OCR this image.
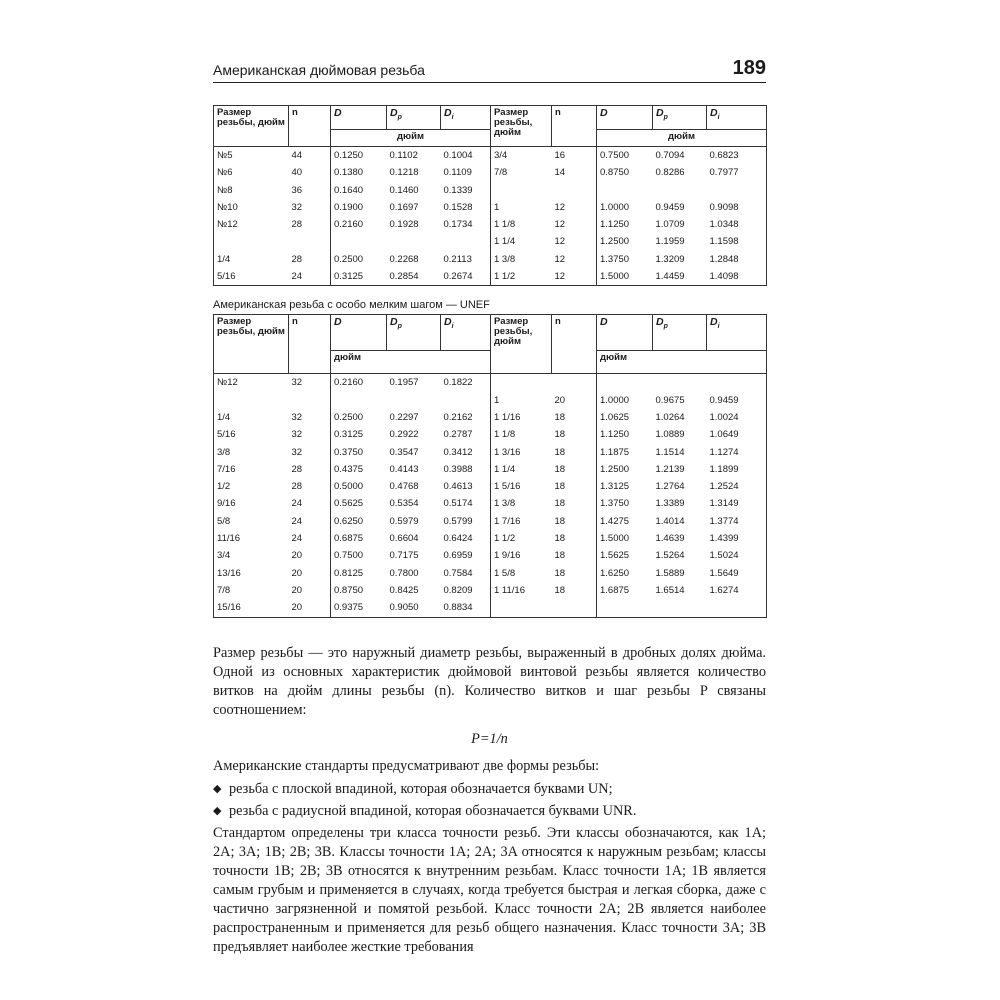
Американская дюймовая резьба	189
Размер резьбы, дюйм	n	D	$D_p$	$D_i$	Размер резьбы, дюйм	n	D	$D_p$	$D_i$
		дюйм					дюйм		
№5	44	0.1250	0.1102	0.1004	3/4	16	0.7500	0.7094	0.6823
№6	40	0.1380	0.1218	0.1109	7/8	14	0.8750	0.8286	0.7977
№8	36	0.1640	0.1460	0.1339					
№10	32	0.1900	0.1697	0.1528	1	12	1.0000	0.9459	0.9098
№12	28	0.2160	0.1928	0.1734	1 1/8	12	1.1250	1.0709	1.0348
					1 1/4	12	1.2500	1.1959	1.1598
1/4	28	0.2500	0.2268	0.2113	1 3/8	12	1.3750	1.3209	1.2848
5/16	24	0.3125	0.2854	0.2674	1 1/2	12	1.5000	1.4459	1.4098
Американская резьба с особо мелким шагом — UNEF
Размер резьбы, дюйм	n	D	$D_p$	$D_i$	Размер резьбы, дюйм	n	D	$D_p$	$D_i$
		дюйм					дюйм		
№12	32	0.2160	0.1957	0.1822					
					1	20	1.0000	0.9675	0.9459
1/4	32	0.2500	0.2297	0.2162	1 1/16	18	1.0625	1.0264	1.0024
5/16	32	0.3125	0.2922	0.2787	1 1/8	18	1.1250	1.0889	1.0649
3/8	32	0.3750	0.3547	0.3412	1 3/16	18	1.1875	1.1514	1.1274
7/16	28	0.4375	0.4143	0.3988	1 1/4	18	1.2500	1.2139	1.1899
1/2	28	0.5000	0.4768	0.4613	1 5/16	18	1.3125	1.2764	1.2524
9/16	24	0.5625	0.5354	0.5174	1 3/8	18	1.3750	1.3389	1.3149
5/8	24	0.6250	0.5979	0.5799	1 7/16	18	1.4275	1.4014	1.3774
11/16	24	0.6875	0.6604	0.6424	1 1/2	18	1.5000	1.4639	1.4399
3/4	20	0.7500	0.7175	0.6959	1 9/16	18	1.5625	1.5264	1.5024
13/16	20	0.8125	0.7800	0.7584	1 5/8	18	1.6250	1.5889	1.5649
7/8	20	0.8750	0.8425	0.8209	1 11/16	18	1.6875	1.6514	1.6274
15/16	20	0.9375	0.9050	0.8834					

Размер резьбы — это наружный диаметр резьбы, выраженный в дробных долях дюйма. Одной из основных характеристик дюймовой винтовой резьбы является количество витков на дюйм длины резьбы (n). Количество витков и шаг резьбы P связаны соотношением:

P=1/n

Американские стандарты предусматривают две формы резьбы:

◆ резьба с плоской впадиной, которая обозначается буквами UN;
◆ резьба с радиусной впадиной, которая обозначается буквами UNR.

Стандартом определены три класса точности резьб. Эти классы обозначаются, как 1A; 2A; 3A; 1B; 2B; 3B. Классы точности 1A; 2A; 3A относятся к наружным резьбам; классы точности 1B; 2B; 3B относятся к внутренним резьбам. Класс точности 1A; 1B является самым грубым и применяется в случаях, когда требуется быстрая и легкая сборка, даже с частично загрязненной и помятой резьбой. Класс точности 2A; 2B является наиболее распространенным и применяется для резьб общего назначения. Класс точности 3A; 3B предъявляет наиболее жесткие требования
